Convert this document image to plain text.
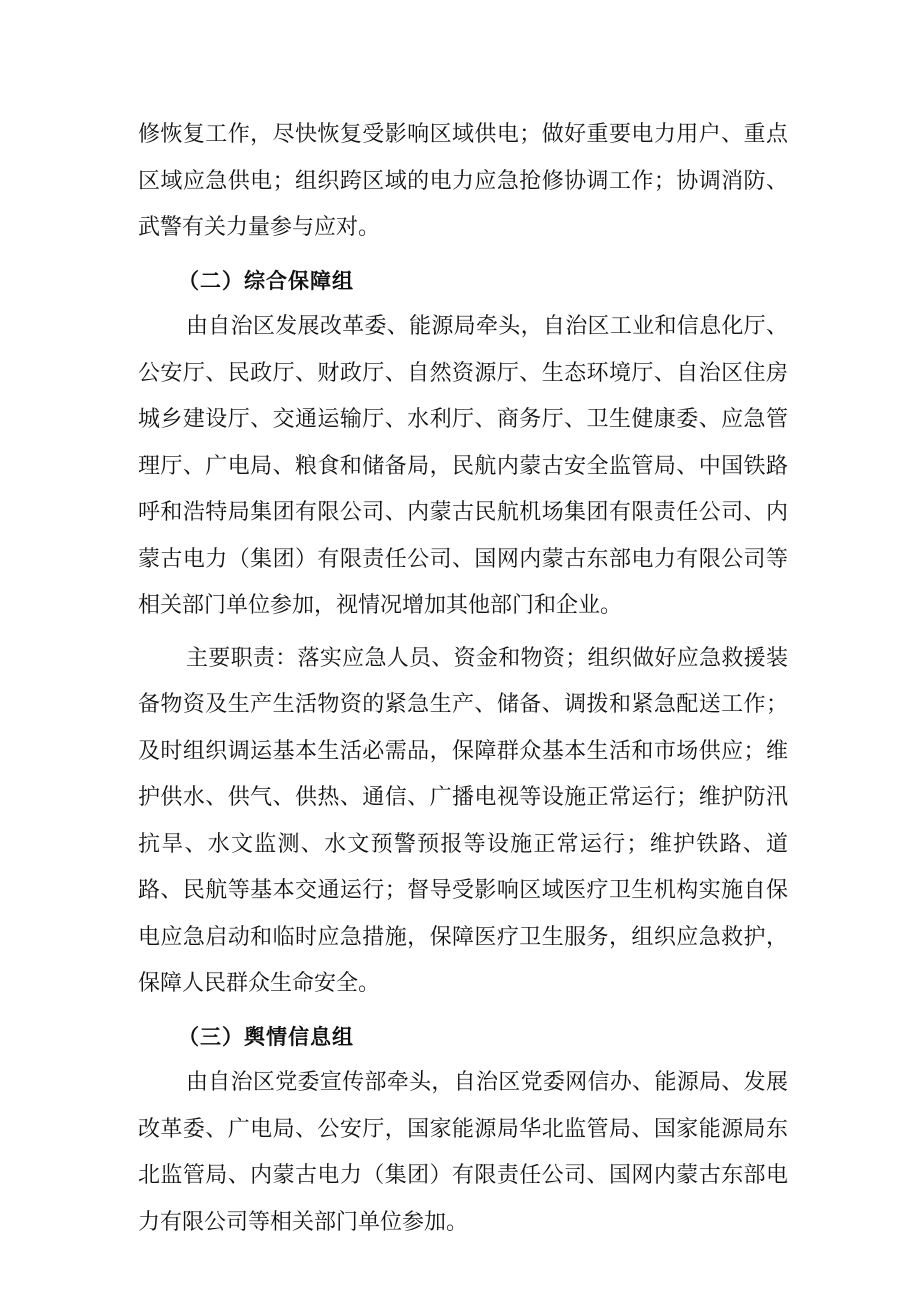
修恢复工作，尽快恢复受影响区域供电；做好重要电力用户、重点区域应急供电；组织跨区域的电力应急抢修协调工作；协调消防、武警有关力量参与应对。

（二）综合保障组

由自治区发展改革委、能源局牵头，自治区工业和信息化厅、公安厅、民政厅、财政厅、自然资源厅、生态环境厅、自治区住房城乡建设厅、交通运输厅、水利厅、商务厅、卫生健康委、应急管理厅、广电局、粮食和储备局，民航内蒙古安全监管局、中国铁路呼和浩特局集团有限公司、内蒙古民航机场集团有限责任公司、内蒙古电力（集团）有限责任公司、国网内蒙古东部电力有限公司等相关部门单位参加，视情况增加其他部门和企业。

主要职责：落实应急人员、资金和物资；组织做好应急救援装备物资及生产生活物资的紧急生产、储备、调拨和紧急配送工作；及时组织调运基本生活必需品，保障群众基本生活和市场供应；维护供水、供气、供热、通信、广播电视等设施正常运行；维护防汛抗旱、水文监测、水文预警预报等设施正常运行；维护铁路、道路、民航等基本交通运行；督导受影响区域医疗卫生机构实施自保电应急启动和临时应急措施，保障医疗卫生服务，组织应急救护，保障人民群众生命安全。

（三）舆情信息组

由自治区党委宣传部牵头，自治区党委网信办、能源局、发展改革委、广电局、公安厅，国家能源局华北监管局、国家能源局东北监管局、内蒙古电力（集团）有限责任公司、国网内蒙古东部电力有限公司等相关部门单位参加。
